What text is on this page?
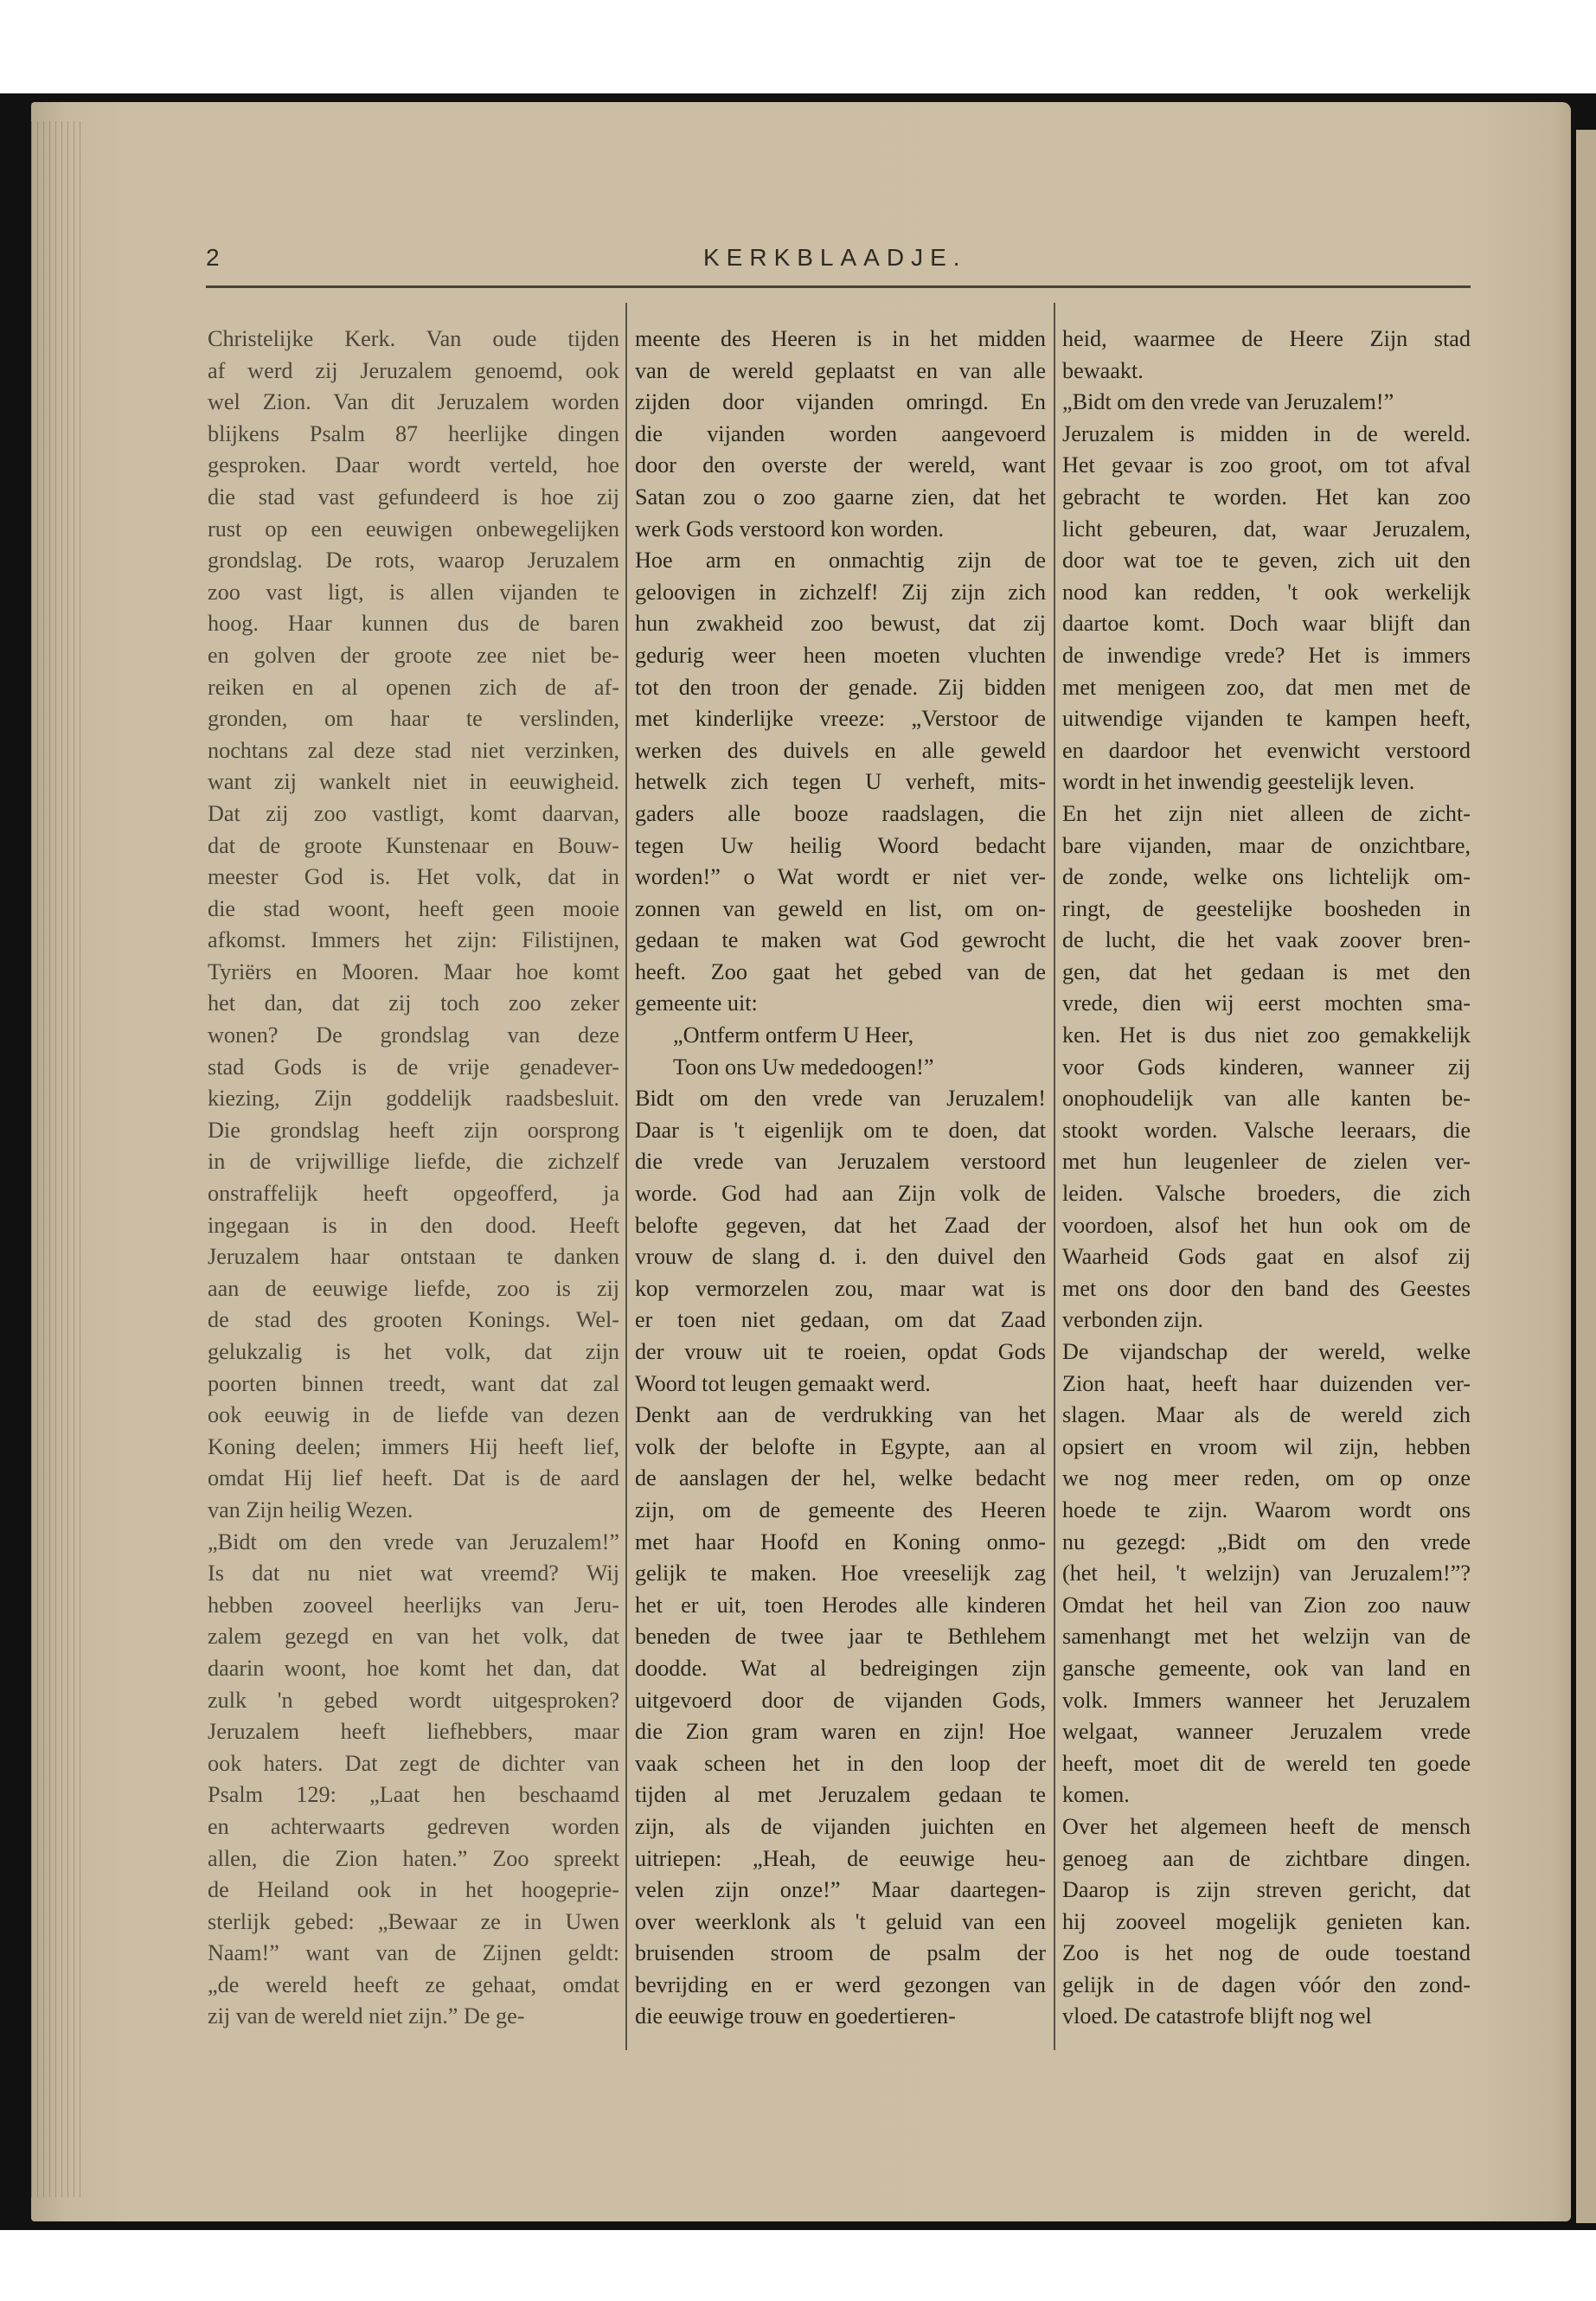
2	KERKBLAADJE.
Christelijke Kerk. Van oude tijden
af werd zij Jeruzalem genoemd, ook
wel Zion. Van dit Jeruzalem worden
blijkens Psalm 87 heerlijke dingen
gesproken. Daar wordt verteld, hoe
die stad vast gefundeerd is hoe zij
rust op een eeuwigen onbewegelijken
grondslag. De rots, waarop Jeruzalem
zoo vast ligt, is allen vijanden te
hoog. Haar kunnen dus de baren
en golven der groote zee niet be-
reiken en al openen zich de af-
gronden, om haar te verslinden,
nochtans zal deze stad niet verzinken,
want zij wankelt niet in eeuwigheid.
Dat zij zoo vastligt, komt daarvan,
dat de groote Kunstenaar en Bouw-
meester God is. Het volk, dat in
die stad woont, heeft geen mooie
afkomst. Immers het zijn: Filistijnen,
Tyriërs en Mooren. Maar hoe komt
het dan, dat zij toch zoo zeker
wonen? De grondslag van deze
stad Gods is de vrije genadever-
kiezing, Zijn goddelijk raadsbesluit.
Die grondslag heeft zijn oorsprong
in de vrijwillige liefde, die zichzelf
onstraffelijk heeft opgeofferd, ja
ingegaan is in den dood. Heeft
Jeruzalem haar ontstaan te danken
aan de eeuwige liefde, zoo is zij
de stad des grooten Konings. Wel-
gelukzalig is het volk, dat zijn
poorten binnen treedt, want dat zal
ook eeuwig in de liefde van dezen
Koning deelen; immers Hij heeft lief,
omdat Hij lief heeft. Dat is de aard
van Zijn heilig Wezen.
„Bidt om den vrede van Jeruzalem!”
Is dat nu niet wat vreemd? Wij
hebben zooveel heerlijks van Jeru-
zalem gezegd en van het volk, dat
daarin woont, hoe komt het dan, dat
zulk 'n gebed wordt uitgesproken?
Jeruzalem heeft liefhebbers, maar
ook haters. Dat zegt de dichter van
Psalm 129: „Laat hen beschaamd
en achterwaarts gedreven worden
allen, die Zion haten.” Zoo spreekt
de Heiland ook in het hoogeprie-
sterlijk gebed: „Bewaar ze in Uwen
Naam!” want van de Zijnen geldt:
„de wereld heeft ze gehaat, omdat
zij van de wereld niet zijn.” De ge-
meente des Heeren is in het midden
van de wereld geplaatst en van alle
zijden door vijanden omringd. En
die vijanden worden aangevoerd
door den overste der wereld, want
Satan zou o zoo gaarne zien, dat het
werk Gods verstoord kon worden.
Hoe arm en onmachtig zijn de
geloovigen in zichzelf! Zij zijn zich
hun zwakheid zoo bewust, dat zij
gedurig weer heen moeten vluchten
tot den troon der genade. Zij bidden
met kinderlijke vreeze: „Verstoor de
werken des duivels en alle geweld
hetwelk zich tegen U verheft, mits-
gaders alle booze raadslagen, die
tegen Uw heilig Woord bedacht
worden!” o Wat wordt er niet ver-
zonnen van geweld en list, om on-
gedaan te maken wat God gewrocht
heeft. Zoo gaat het gebed van de
gemeente uit:
„Ontferm ontferm U Heer,
Toon ons Uw mededoogen!”
Bidt om den vrede van Jeruzalem!
Daar is 't eigenlijk om te doen, dat
die vrede van Jeruzalem verstoord
worde. God had aan Zijn volk de
belofte gegeven, dat het Zaad der
vrouw de slang d. i. den duivel den
kop vermorzelen zou, maar wat is
er toen niet gedaan, om dat Zaad
der vrouw uit te roeien, opdat Gods
Woord tot leugen gemaakt werd.
Denkt aan de verdrukking van het
volk der belofte in Egypte, aan al
de aanslagen der hel, welke bedacht
zijn, om de gemeente des Heeren
met haar Hoofd en Koning onmo-
gelijk te maken. Hoe vreeselijk zag
het er uit, toen Herodes alle kinderen
beneden de twee jaar te Bethlehem
doodde. Wat al bedreigingen zijn
uitgevoerd door de vijanden Gods,
die Zion gram waren en zijn! Hoe
vaak scheen het in den loop der
tijden al met Jeruzalem gedaan te
zijn, als de vijanden juichten en
uitriepen: „Heah, de eeuwige heu-
velen zijn onze!” Maar daartegen-
over weerklonk als 't geluid van een
bruisenden stroom de psalm der
bevrijding en er werd gezongen van
die eeuwige trouw en goedertieren-
heid, waarmee de Heere Zijn stad
bewaakt.
„Bidt om den vrede van Jeruzalem!”
Jeruzalem is midden in de wereld.
Het gevaar is zoo groot, om tot afval
gebracht te worden. Het kan zoo
licht gebeuren, dat, waar Jeruzalem,
door wat toe te geven, zich uit den
nood kan redden, 't ook werkelijk
daartoe komt. Doch waar blijft dan
de inwendige vrede? Het is immers
met menigeen zoo, dat men met de
uitwendige vijanden te kampen heeft,
en daardoor het evenwicht verstoord
wordt in het inwendig geestelijk leven.
En het zijn niet alleen de zicht-
bare vijanden, maar de onzichtbare,
de zonde, welke ons lichtelijk om-
ringt, de geestelijke boosheden in
de lucht, die het vaak zoover bren-
gen, dat het gedaan is met den
vrede, dien wij eerst mochten sma-
ken. Het is dus niet zoo gemakkelijk
voor Gods kinderen, wanneer zij
onophoudelijk van alle kanten be-
stookt worden. Valsche leeraars, die
met hun leugenleer de zielen ver-
leiden. Valsche broeders, die zich
voordoen, alsof het hun ook om de
Waarheid Gods gaat en alsof zij
met ons door den band des Geestes
verbonden zijn.
De vijandschap der wereld, welke
Zion haat, heeft haar duizenden ver-
slagen. Maar als de wereld zich
opsiert en vroom wil zijn, hebben
we nog meer reden, om op onze
hoede te zijn. Waarom wordt ons
nu gezegd: „Bidt om den vrede
(het heil, 't welzijn) van Jeruzalem!”?
Omdat het heil van Zion zoo nauw
samenhangt met het welzijn van de
gansche gemeente, ook van land en
volk. Immers wanneer het Jeruzalem
welgaat, wanneer Jeruzalem vrede
heeft, moet dit de wereld ten goede
komen.
Over het algemeen heeft de mensch
genoeg aan de zichtbare dingen.
Daarop is zijn streven gericht, dat
hij zooveel mogelijk genieten kan.
Zoo is het nog de oude toestand
gelijk in de dagen vóór den zond-
vloed. De catastrofe blijft nog wel
